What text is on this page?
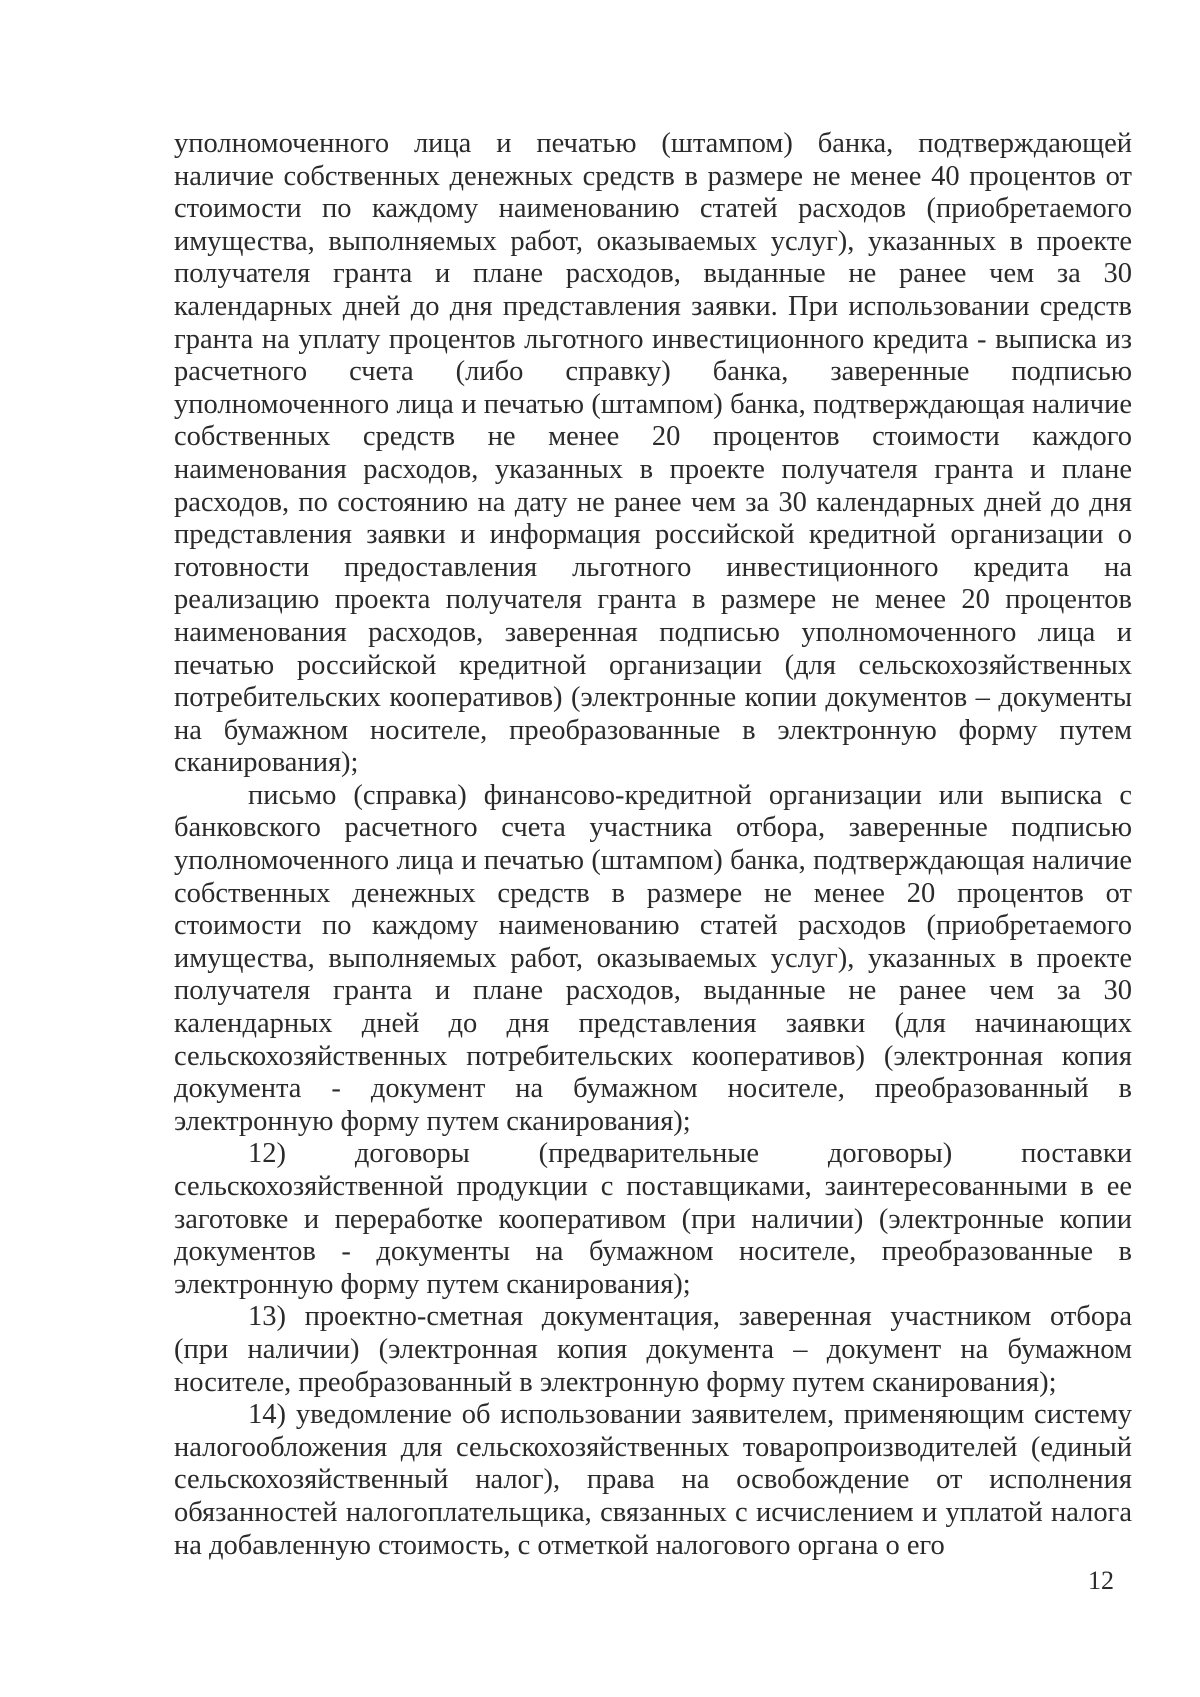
уполномоченного лица и печатью (штампом) банка, подтверждающей наличие собственных денежных средств в размере не менее 40 процентов от стоимости по каждому наименованию статей расходов (приобретаемого имущества, выполняемых работ, оказываемых услуг), указанных в проекте получателя гранта и плане расходов, выданные не ранее чем за 30 календарных дней до дня представления заявки. При использовании средств гранта на уплату процентов льготного инвестиционного кредита - выписка из расчетного счета (либо справку) банка, заверенные подписью уполномоченного лица и печатью (штампом) банка, подтверждающая наличие собственных средств не менее 20 процентов стоимости каждого наименования расходов, указанных в проекте получателя гранта и плане расходов, по состоянию на дату не ранее чем за 30 календарных дней до дня представления заявки и информация российской кредитной организации о готовности предоставления льготного инвестиционного кредита на реализацию проекта получателя гранта в размере не менее 20 процентов наименования расходов, заверенная подписью уполномоченного лица и печатью российской кредитной организации (для сельскохозяйственных потребительских кооперативов) (электронные копии документов – документы на бумажном носителе, преобразованные в электронную форму путем сканирования);

письмо (справка) финансово-кредитной организации или выписка с банковского расчетного счета участника отбора, заверенные подписью уполномоченного лица и печатью (штампом) банка, подтверждающая наличие собственных денежных средств в размере не менее 20 процентов от стоимости по каждому наименованию статей расходов (приобретаемого имущества, выполняемых работ, оказываемых услуг), указанных в проекте получателя гранта и плане расходов, выданные не ранее чем за 30 календарных дней до дня представления заявки (для начинающих сельскохозяйственных потребительских кооперативов) (электронная копия документа - документ на бумажном носителе, преобразованный в электронную форму путем сканирования);

12) договоры (предварительные договоры) поставки сельскохозяйственной продукции с поставщиками, заинтересованными в ее заготовке и переработке кооперативом (при наличии) (электронные копии документов - документы на бумажном носителе, преобразованные в электронную форму путем сканирования);

13) проектно-сметная документация, заверенная участником отбора (при наличии) (электронная копия документа – документ на бумажном носителе, преобразованный в электронную форму путем сканирования);

14) уведомление об использовании заявителем, применяющим систему налогообложения для сельскохозяйственных товаропроизводителей (единый сельскохозяйственный налог), права на освобождение от исполнения обязанностей налогоплательщика, связанных с исчислением и уплатой налога на добавленную стоимость, с отметкой налогового органа о его

12
